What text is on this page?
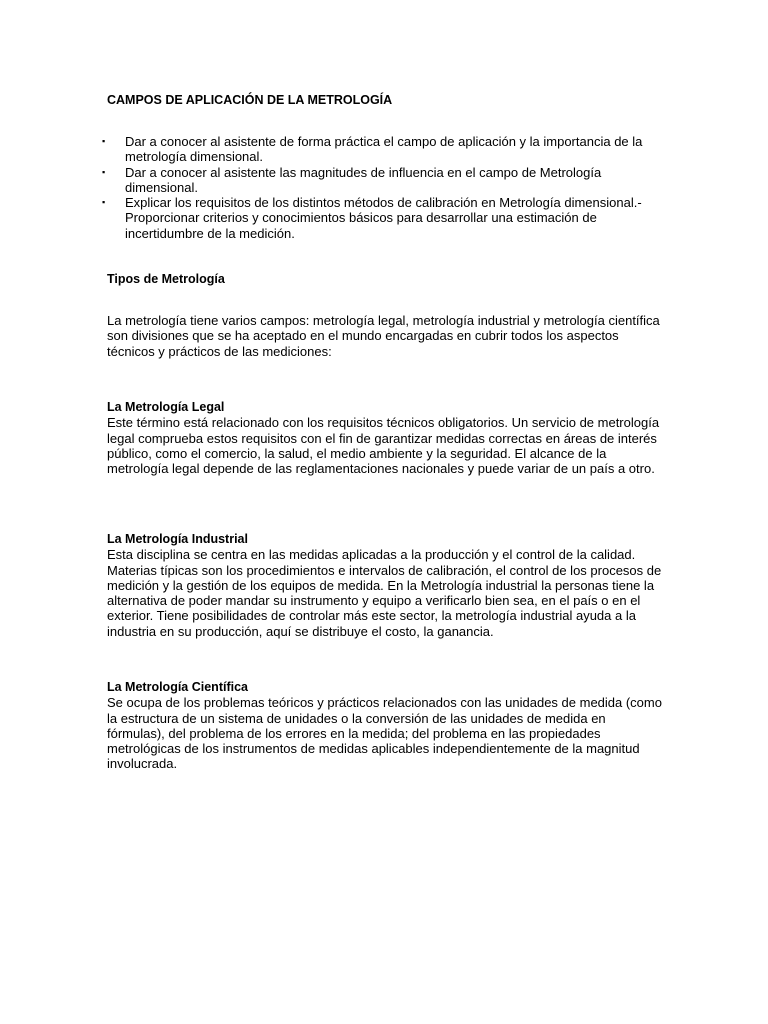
CAMPOS DE APLICACIÓN DE LA METROLOGÍA
▪ Dar a conocer al asistente de forma práctica el campo de aplicación y la importancia de la metrología dimensional.
▪ Dar a conocer al asistente las magnitudes de influencia en el campo de Metrología dimensional.
▪ Explicar los requisitos de los distintos métodos de calibración en Metrología dimensional.- Proporcionar criterios y conocimientos básicos para desarrollar una estimación de incertidumbre de la medición.
Tipos de Metrología

La metrología tiene varios campos: metrología legal, metrología industrial y metrología científica son divisiones que se ha aceptado en el mundo encargadas en cubrir todos los aspectos técnicos y prácticos de las mediciones:

La Metrología Legal

Este término está relacionado con los requisitos técnicos obligatorios. Un servicio de metrología legal comprueba estos requisitos con el fin de garantizar medidas correctas en áreas de interés público, como el comercio, la salud, el medio ambiente y la seguridad. El alcance de la metrología legal depende de las reglamentaciones nacionales y puede variar de un país a otro.

La Metrología Industrial

Esta disciplina se centra en las medidas aplicadas a la producción y el control de la calidad. Materias típicas son los procedimientos e intervalos de calibración, el control de los procesos de medición y la gestión de los equipos de medida. En la Metrología industrial la personas tiene la alternativa de poder mandar su instrumento y equipo a verificarlo bien sea, en el país o en el exterior. Tiene posibilidades de controlar más este sector, la metrología industrial ayuda a la industria en su producción, aquí se distribuye el costo, la ganancia.

La Metrología Científica

Se ocupa de los problemas teóricos y prácticos relacionados con las unidades de medida (como la estructura de un sistema de unidades o la conversión de las unidades de medida en fórmulas), del problema de los errores en la medida; del problema en las propiedades metrológicas de los instrumentos de medidas aplicables independientemente de la magnitud involucrada.
